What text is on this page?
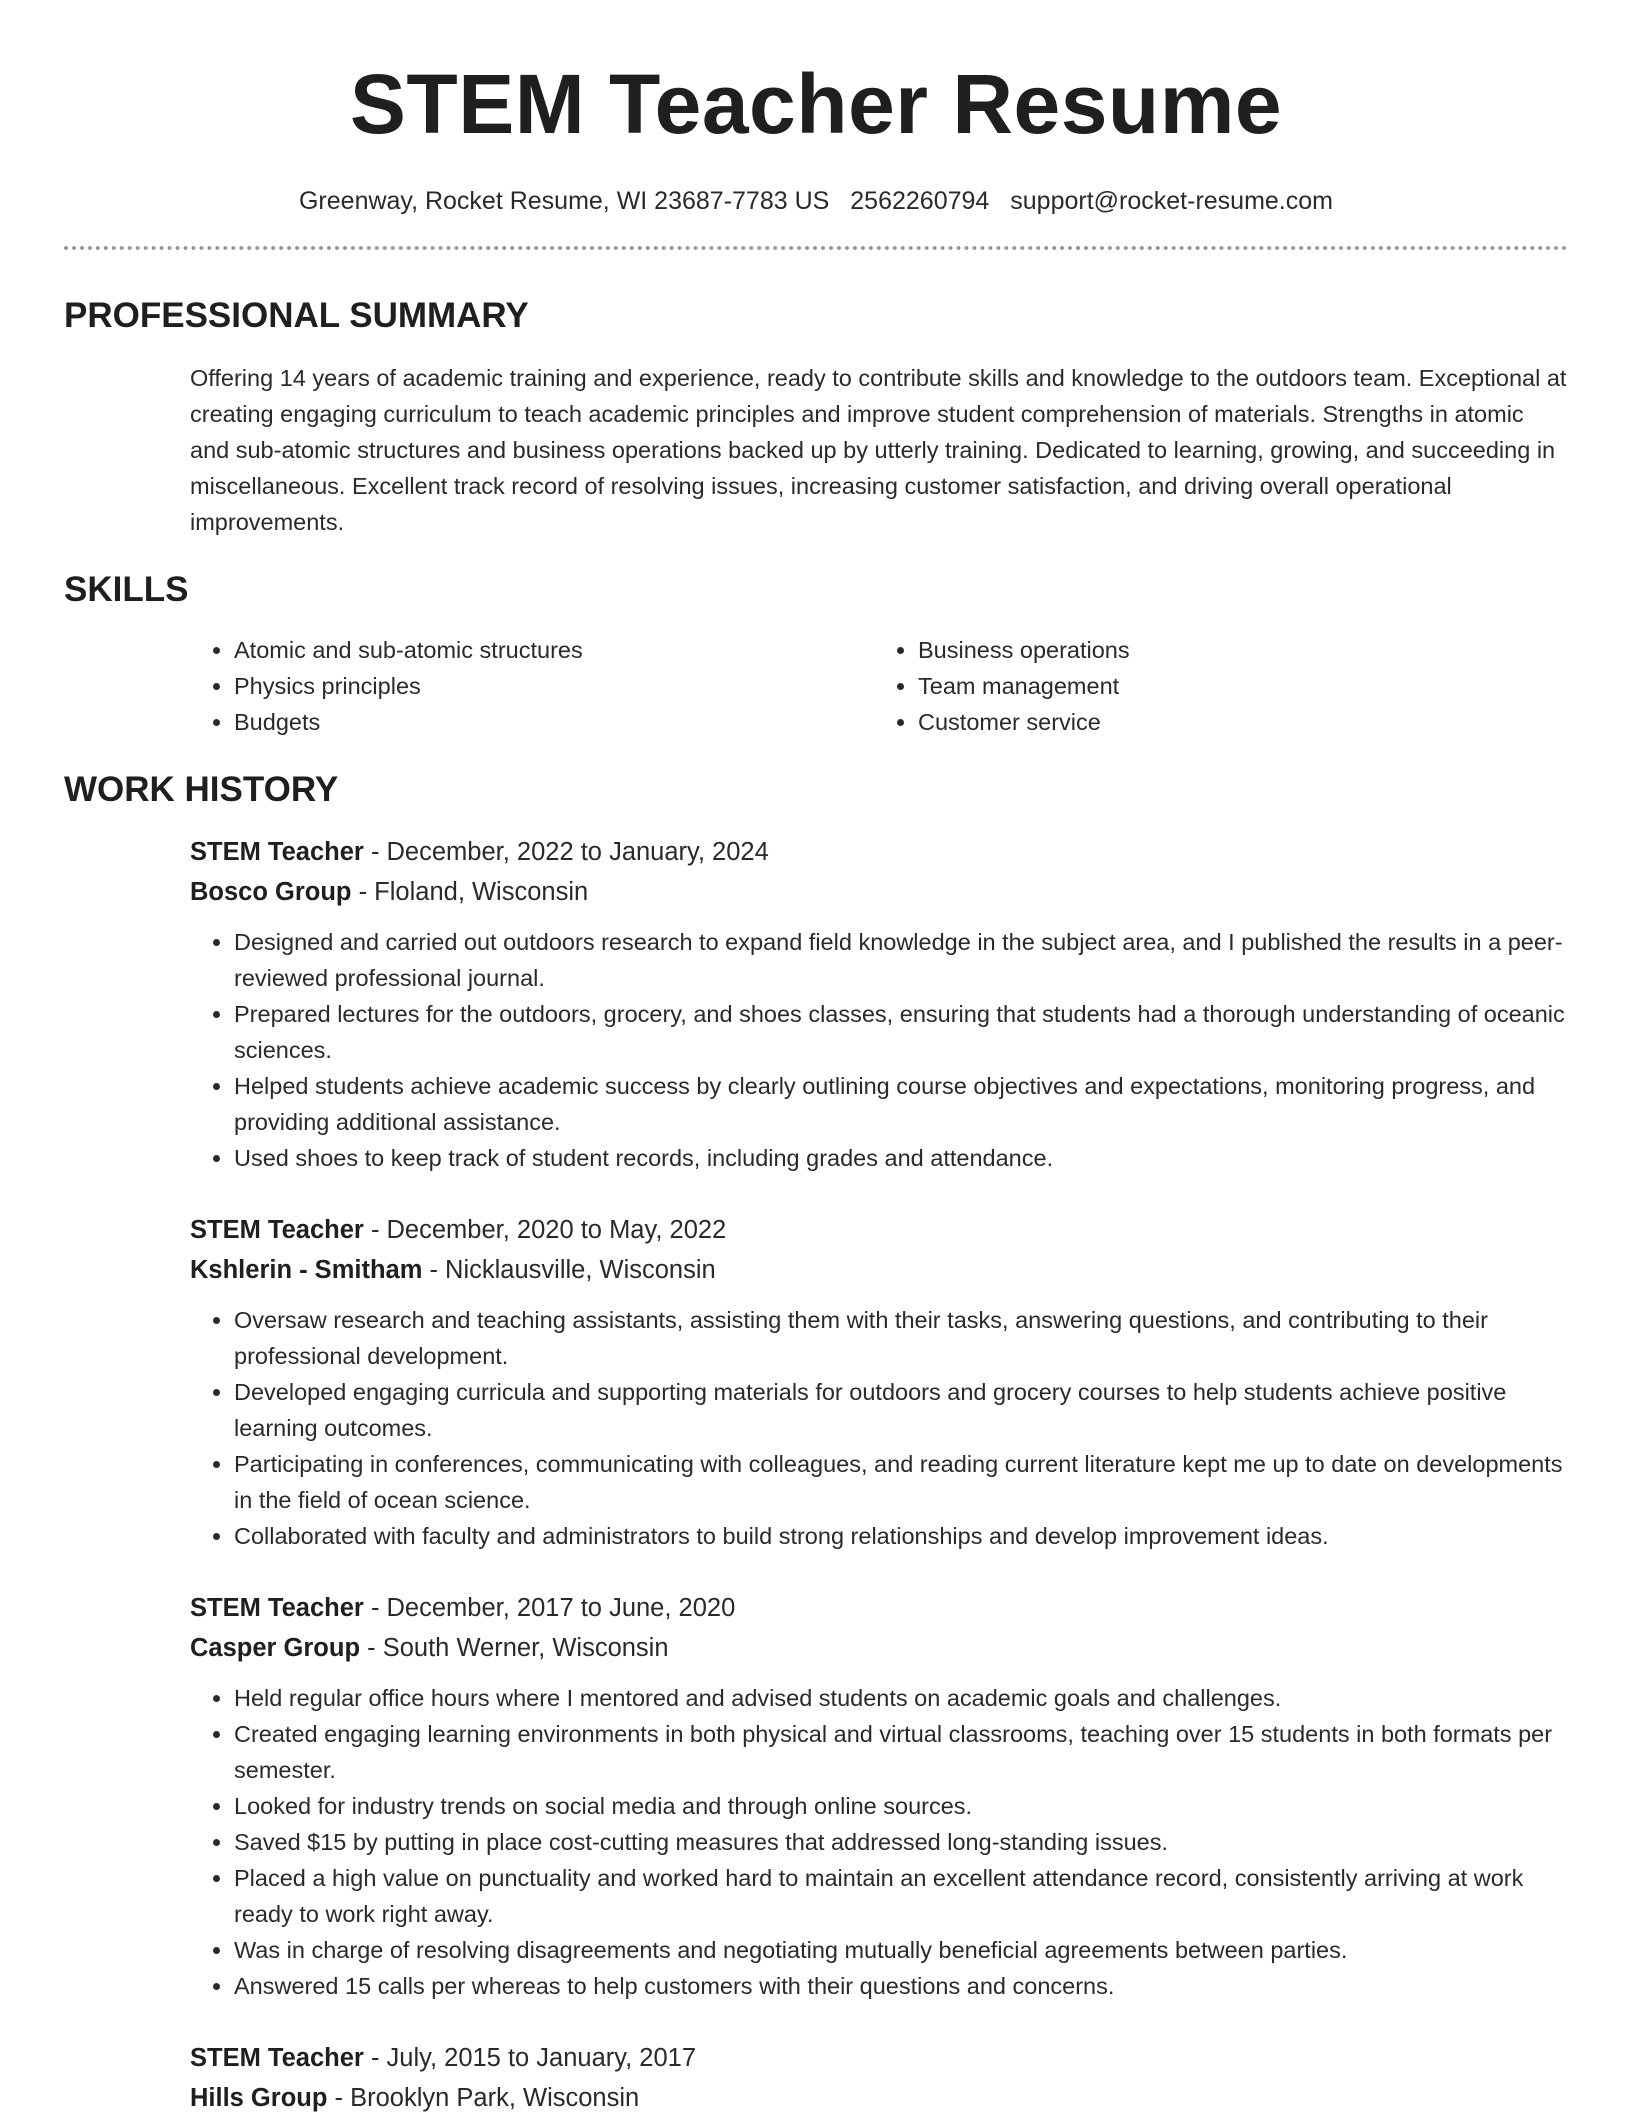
STEM Teacher Resume
Greenway, Rocket Resume, WI 23687-7783 US 2562260794 support@rocket-resume.com
PROFESSIONAL SUMMARY

Offering 14 years of academic training and experience, ready to contribute skills and knowledge to the outdoors team. Exceptional at creating engaging curriculum to teach academic principles and improve student comprehension of materials. Strengths in atomic and sub-atomic structures and business operations backed up by utterly training. Dedicated to learning, growing, and succeeding in miscellaneous. Excellent track record of resolving issues, increasing customer satisfaction, and driving overall operational improvements.

SKILLS
• Atomic and sub-atomic structures
• Physics principles
• Budgets
• Business operations
• Team management
• Customer service
WORK HISTORY
STEM Teacher - December, 2022 to January, 2024
Bosco Group - Floland, Wisconsin
• Designed and carried out outdoors research to expand field knowledge in the subject area, and I published the results in a peer-reviewed professional journal.
• Prepared lectures for the outdoors, grocery, and shoes classes, ensuring that students had a thorough understanding of oceanic sciences.
• Helped students achieve academic success by clearly outlining course objectives and expectations, monitoring progress, and providing additional assistance.
• Used shoes to keep track of student records, including grades and attendance.
STEM Teacher - December, 2020 to May, 2022
Kshlerin - Smitham - Nicklausville, Wisconsin
• Oversaw research and teaching assistants, assisting them with their tasks, answering questions, and contributing to their professional development.
• Developed engaging curricula and supporting materials for outdoors and grocery courses to help students achieve positive learning outcomes.
• Participating in conferences, communicating with colleagues, and reading current literature kept me up to date on developments in the field of ocean science.
• Collaborated with faculty and administrators to build strong relationships and develop improvement ideas.
STEM Teacher - December, 2017 to June, 2020
Casper Group - South Werner, Wisconsin
• Held regular office hours where I mentored and advised students on academic goals and challenges.
• Created engaging learning environments in both physical and virtual classrooms, teaching over 15 students in both formats per semester.
• Looked for industry trends on social media and through online sources.
• Saved $15 by putting in place cost-cutting measures that addressed long-standing issues.
• Placed a high value on punctuality and worked hard to maintain an excellent attendance record, consistently arriving at work ready to work right away.
• Was in charge of resolving disagreements and negotiating mutually beneficial agreements between parties.
• Answered 15 calls per whereas to help customers with their questions and concerns.
STEM Teacher - July, 2015 to January, 2017
Hills Group - Brooklyn Park, Wisconsin
